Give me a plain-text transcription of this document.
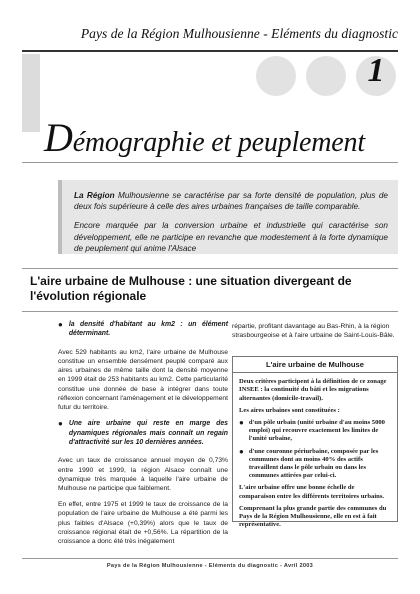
Pays de la Région Mulhousienne - Eléments du diagnostic
1
Démographie et peuplement

La Région Mulhousienne se caractérise par sa forte densité de population, plus de deux fois supérieure à celle des aires urbaines françaises de taille comparable.

Encore marquée par la conversion urbaine et industrielle qui caractérise son développement, elle ne participe en revanche que modestement à la forte dynamique de peuplement qui anime l'Alsace

L'aire urbaine de Mulhouse : une situation divergeant de l'évolution régionale
● la densité d'habitant au km2 : un élément déterminant.

Avec 529 habitants au km2, l'aire urbaine de Mulhouse constitue un ensemble densément peuplé comparé aux aires urbaines de même taille dont la densité moyenne en 1999 était de 253 habitants au km2. Cette particularité constitue une donnée de base à intégrer dans toute réflexion concernant l'aménagement et le développement futur du territoire.

● Une aire urbaine qui reste en marge des dynamiques régionales mais connaît un regain d'attractivité sur les 10 dernières années.

Avec un taux de croissance annuel moyen de 0,73% entre 1990 et 1999, la région Alsace connaît une dynamique très marquée à laquelle l'aire urbaine de Mulhouse ne participe que faiblement.

En effet, entre 1975 et 1999 le taux de croissance de la population de l'aire urbaine de Mulhouse a été parmi les plus faibles d'Alsace (+0,39%) alors que le taux de croissance régional était de +0,56%. La répartition de la croissance a donc été très inégalement

répartie, profitant davantage au Bas-Rhin, à la région strasbourgeoise et à l'aire urbaine de Saint-Louis-Bâle.
L'aire urbaine de Mulhouse

Deux critères participent à la définition de ce zonage INSEE : la continuité du bâti et les migrations alternantes (domicile-travail).

Les aires urbaines sont constituées :

● d'un pôle urbain (unité urbaine d'au moins 5000 emploi) qui recouvre exactement les limites de l'unité urbaine,
● d'une couronne périurbaine, composée par les communes dont au moins 40% des actifs travaillent dans le pôle urbain ou dans les communes attirées par celui-ci.

L'aire urbaine offre une bonne échelle de comparaison entre les différents territoires urbains.

Comprenant la plus grande partie des communes du Pays de la Région Mulhousienne, elle en est à fait représentative.

Pays de la Région Mulhousienne - Eléments du diagnostic - Avril 2003
